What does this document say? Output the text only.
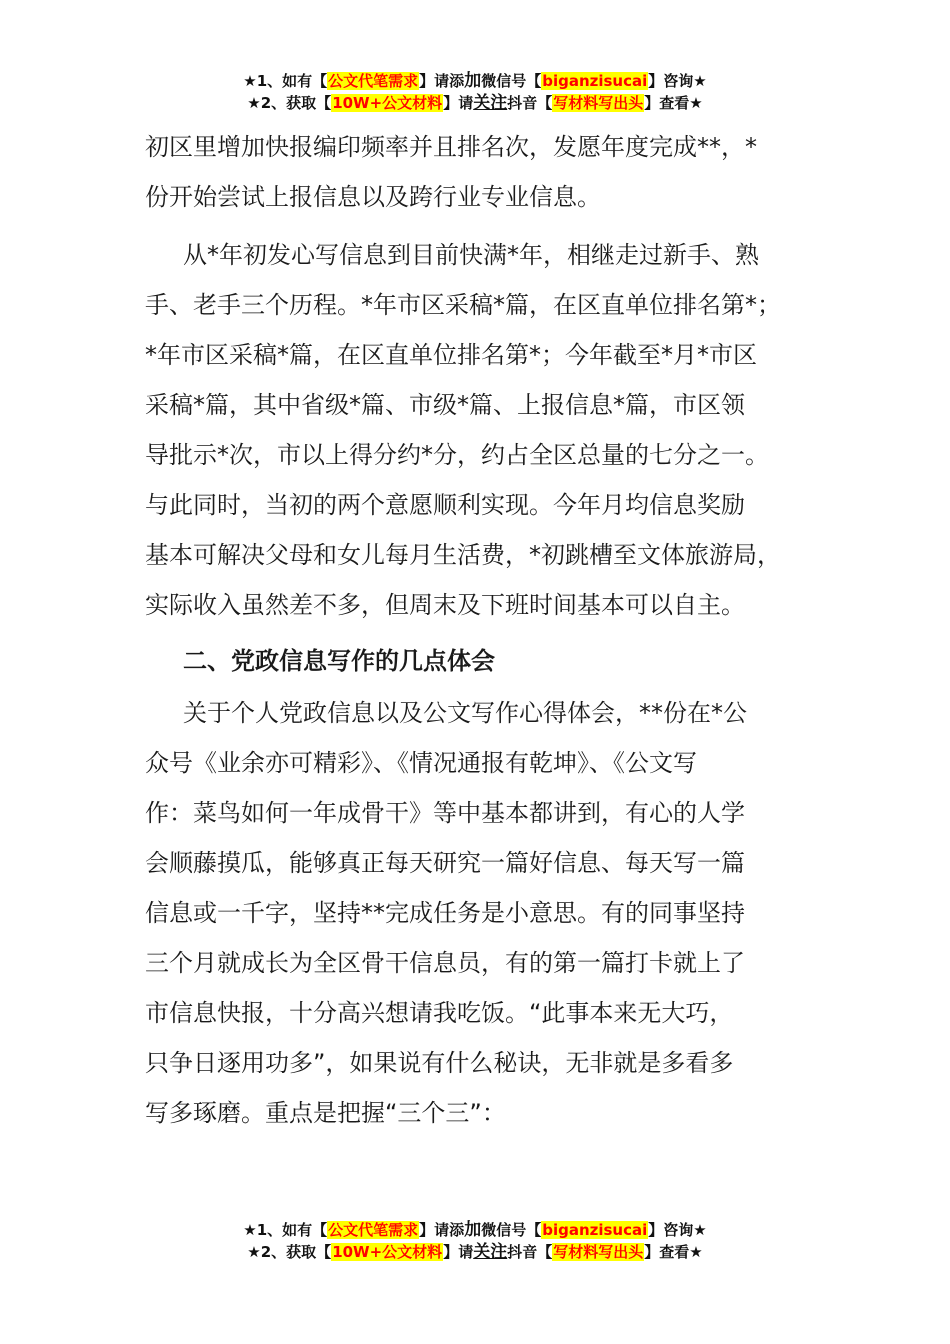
★1、如有【公文代笔需求】请添加微信号【biganzisucai】咨询★
★2、获取【10W+公文材料】请关注抖音【写材料写出头】查看★

初区里增加快报编印频率并且排名次，发愿年度完成**，*

份开始尝试上报信息以及跨行业专业信息。

从*年初发心写信息到目前快满*年，相继走过新手、熟

手、老手三个历程。*年市区采稿*篇，在区直单位排名第*；

*年市区采稿*篇，在区直单位排名第*；今年截至*月*市区

采稿*篇，其中省级*篇、市级*篇、上报信息*篇，市区领

导批示*次，市以上得分约*分，约占全区总量的七分之一。

与此同时，当初的两个意愿顺利实现。今年月均信息奖励

基本可解决父母和女儿每月生活费，*初跳槽至文体旅游局，

实际收入虽然差不多，但周末及下班时间基本可以自主。

二、党政信息写作的几点体会

关于个人党政信息以及公文写作心得体会，**份在*公

众号《业余亦可精彩》、《情况通报有乾坤》、《公文写

作：菜鸟如何一年成骨干》等中基本都讲到，有心的人学

会顺藤摸瓜，能够真正每天研究一篇好信息、每天写一篇

信息或一千字，坚持**完成任务是小意思。有的同事坚持

三个月就成长为全区骨干信息员，有的第一篇打卡就上了

市信息快报，十分高兴想请我吃饭。“此事本来无大巧，

只争日逐用功多”，如果说有什么秘诀，无非就是多看多

写多琢磨。重点是把握“三个三”：

★1、如有【公文代笔需求】请添加微信号【biganzisucai】咨询★
★2、获取【10W+公文材料】请关注抖音【写材料写出头】查看★
